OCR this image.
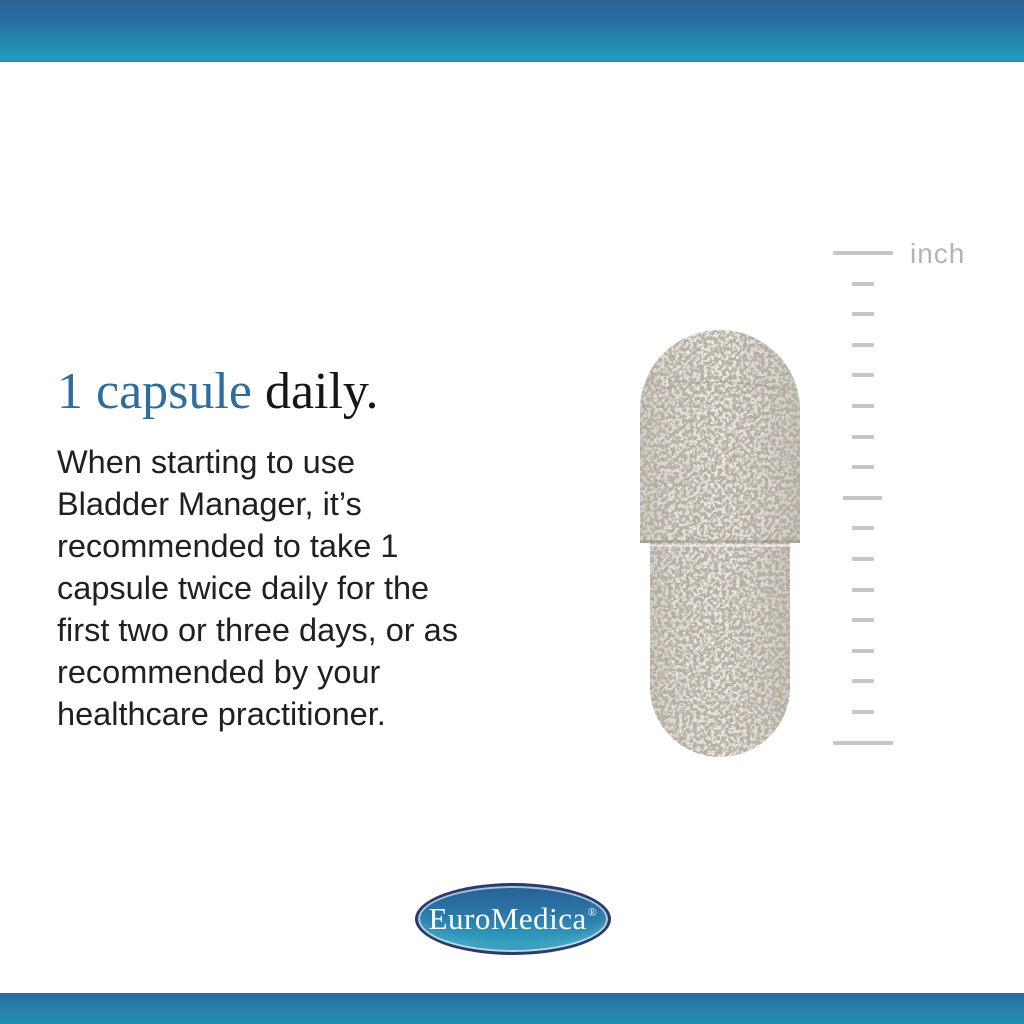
1 capsule daily.
When starting to use
Bladder Manager, it’s
recommended to take 1
capsule twice daily for the
first two or three days, or as
recommended by your
healthcare practitioner.
inch
EuroMedica®
